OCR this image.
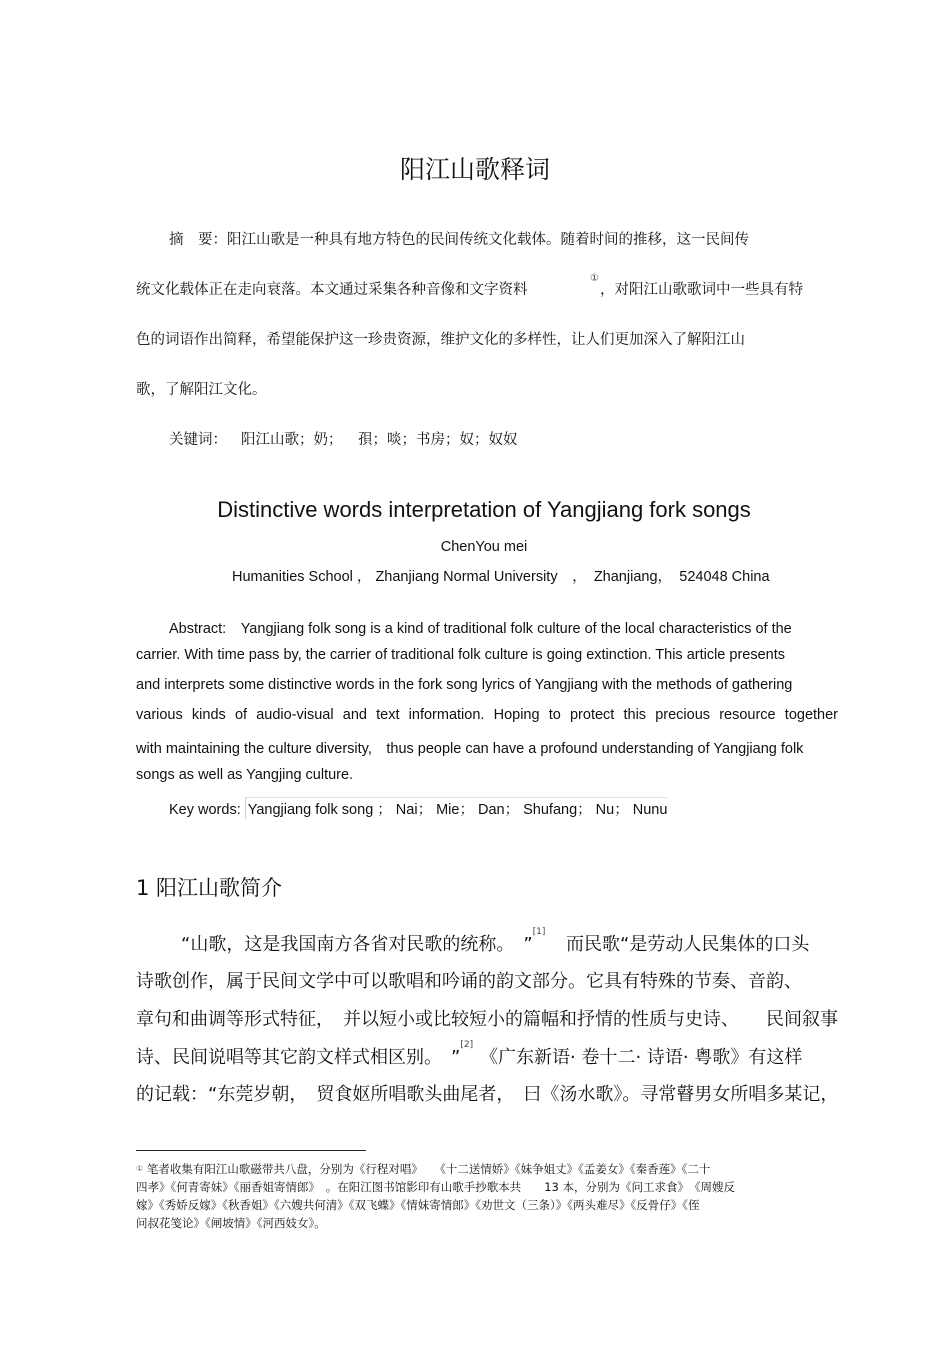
阳江山歌释词
摘　要：阳江山歌是一种具有地方特色的民间传统文化载体。随着时间的推移，这一民间传
统文化载体正在走向衰落。本文通过采集各种音像和文字资料
①
，对阳江山歌歌词中一些具有特
色的词语作出简释，希望能保护这一珍贵资源，维护文化的多样性，让人们更加深入了解阳江山
歌，了解阳江文化。
关键词： 阳江山歌；奶； 孭；啖；书房；奴；奴奴
Distinctive words interpretation of Yangjiang fork songs
ChenYou mei
Humanities School ， Zhanjiang Normal University　，　Zhanjiang，　524048 China
Abstract:　Yangjiang folk song is a kind of traditional folk culture of the local characteristics of the
carrier. With time pass by, the carrier of traditional folk culture is going extinction. This article presents
and interprets some distinctive words in the fork song lyrics of Yangjiang with the methods of gathering
various kinds of audio-visual and text information. Hoping to protect this precious resource together
with maintaining the culture diversity,　thus people can have a profound understanding of Yangjiang folk
songs as well as Yangjing culture.
Key words: Yangjiang folk song ； Nai； Mie； Dan； Shufang； Nu； Nunu
1 阳江山歌简介
“山歌，这是我国南方各省对民歌的统称。　”[1]
而民歌“是劳动人民集体的口头
诗歌创作，属于民间文学中可以歌唱和吟诵的韵文部分。它具有特殊的节奏、音韵、
章句和曲调等形式特征，　并以短小或比较短小的篇幅和抒情的性质与史诗、　　民间叙事
诗、民间说唱等其它韵文样式相区别。　”[2]
《广东新语· 卷十二· 诗语· 粤歌》有这样
的记载：“东莞岁朝，　贸食妪所唱歌头曲尾者，　曰《汤水歌》。寻常瞽男女所唱多某记，
① 笔者收集有阳江山歌磁带共八盘，分别为《行程对唱》　　《十二送情娇》《妹争姐丈》《孟姜女》《秦香莲》《二十
四孝》《何青寄妹》《丽香姐寄情郎》　。在阳江图书馆影印有山歌手抄歌本共　　13 本，分别为《问工求食》　《周嫂反
嫁》《秀娇反嫁》《秋香姐》《六嫂共何清》《双飞蝶》《情妹寄情郎》《劝世文（三条）》《两头难尽》《反骨仔》《侄
问叔花笺论》《闸坡情》《河西妓女》。
